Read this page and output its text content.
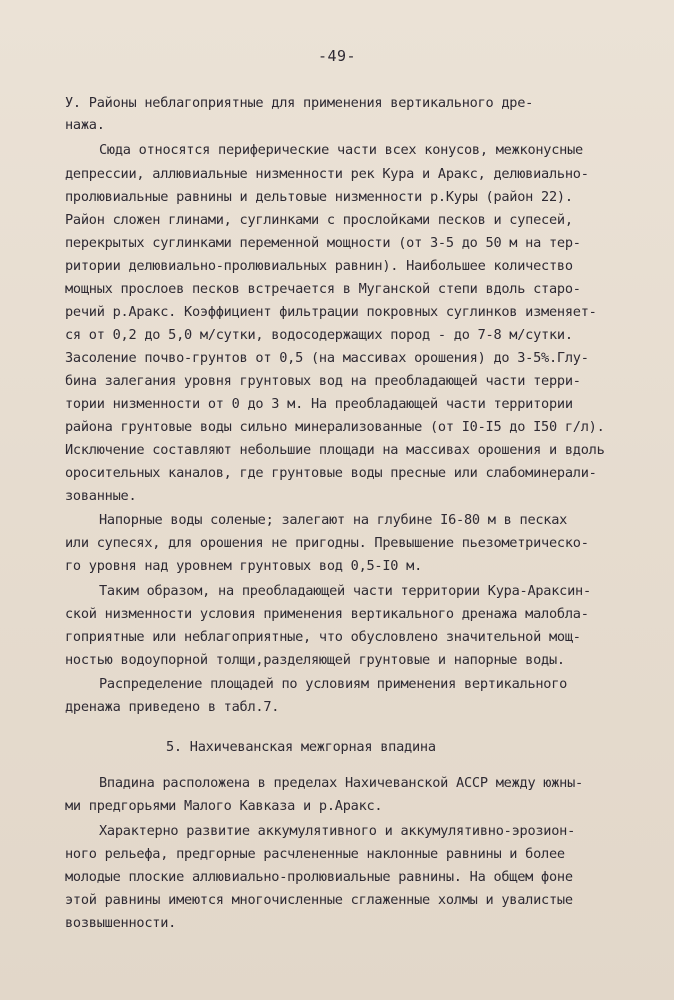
-49-
У. Районы неблагоприятные для применения вертикального дре-
нажа.
Сюда относятся периферические части всех конусов, межконусные
депрессии, аллювиальные низменности рек Кура и Аракс, делювиально-
пролювиальные равнины и дельтовые низменности р.Куры (район 22).
Район сложен глинами, суглинками с прослойками песков и супесей,
перекрытых суглинками переменной мощности (от 3-5 до 50 м на тер-
ритории делювиально-пролювиальных равнин). Наибольшее количество
мощных прослоев песков встречается в Муганской степи вдоль старо-
речий р.Аракс. Коэффициент фильтрации покровных суглинков изменяет-
ся от 0,2 до 5,0 м/сутки, водосодержащих пород - до 7-8 м/сутки.
Засоление почво-грунтов от 0,5 (на массивах орошения) до 3-5%.Глу-
бина залегания уровня грунтовых вод на преобладающей части терри-
тории низменности от 0 до 3 м. На преобладающей части территории
района грунтовые воды сильно минерализованные (от I0-I5 до I50 г/л).
Исключение составляют небольшие площади на массивах орошения и вдоль
оросительных каналов, где грунтовые воды пресные или слабоминерали-
зованные.
Напорные воды соленые; залегают на глубине I6-80 м в песках
или супесях, для орошения не пригодны. Превышение пьезометрическо-
го уровня над уровнем грунтовых вод 0,5-I0 м.
Таким образом, на преобладающей части территории Кура-Араксин-
ской низменности условия применения вертикального дренажа малобла-
гоприятные или неблагоприятные, что обусловлено значительной мощ-
ностью водоупорной толщи,разделяющей грунтовые и напорные воды.
Распределение площадей по условиям применения вертикального
дренажа приведено в табл.7.
5. Нахичеванская межгорная впадина
Впадина расположена в пределах Нахичеванской АССР между южны-
ми предгорьями Малого Кавказа и р.Аракс.
Характерно развитие аккумулятивного и аккумулятивно-эрозион-
ного рельефа, предгорные расчлененные наклонные равнины и более
молодые плоские аллювиально-пролювиальные равнины. На общем фоне
этой равнины имеются многочисленные сглаженные холмы и увалистые
возвышенности.
